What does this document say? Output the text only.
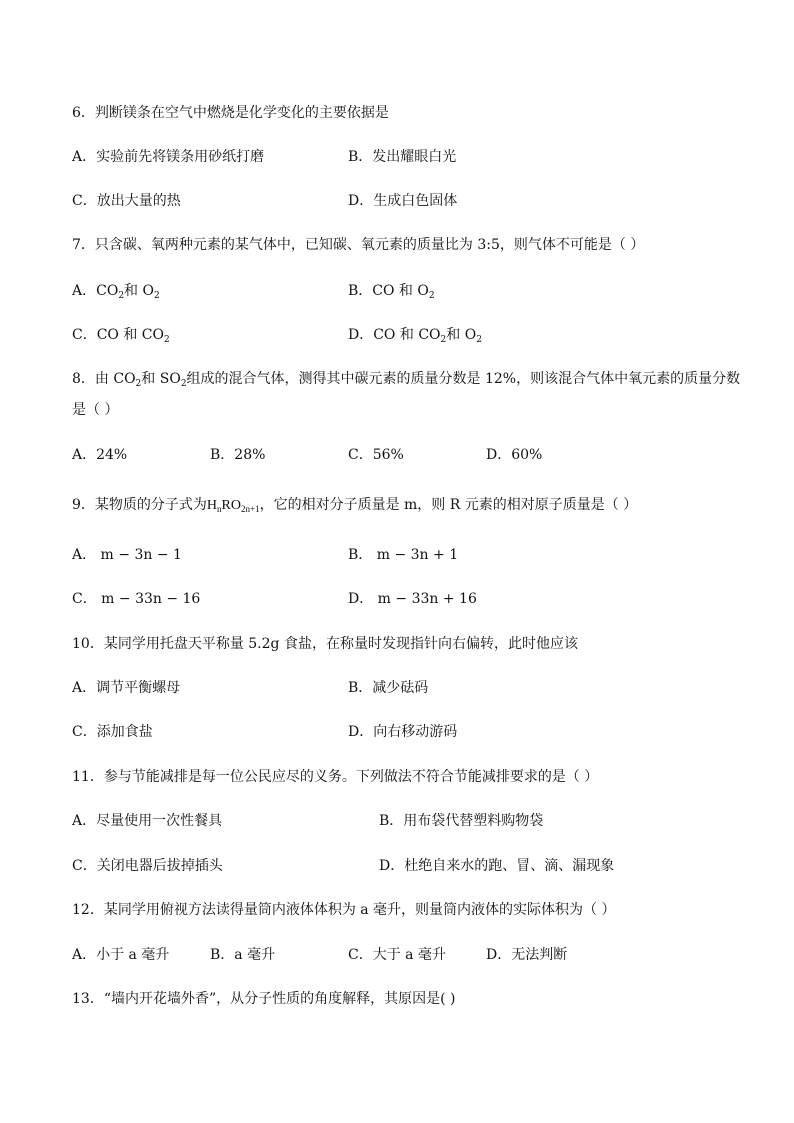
6．判断镁条在空气中燃烧是化学变化的主要依据是
A．实验前先将镁条用砂纸打磨	B．发出耀眼白光
C．放出大量的热	D．生成白色固体
7．只含碳、氧两种元素的某气体中，已知碳、氧元素的质量比为 3:5，则气体不可能是（ ）
A．$CO_2$和 $O_2$	B．CO 和 $O_2$
C．CO 和 $CO_2$	D．CO 和 $CO_2$和 $O_2$
8．由 $CO_2$和 $SO_2$组成的混合气体，测得其中碳元素的质量分数是 12%，则该混合气体中氧元素的质量分数
是（ ）
A．24%	B．28%	C．56%	D．60%
9．某物质的分子式为$H_nRO_{2n+1}$，它的相对分子质量是 m，则 R 元素的相对原子质量是（ ）
A． m − 3n − 1	B． m − 3n + 1
C． m − 33n − 16	D． m − 33n + 16
10．某同学用托盘天平称量 5.2g 食盐，在称量时发现指针向右偏转，此时他应该
A．调节平衡螺母	B．减少砝码
C．添加食盐	D．向右移动游码
11．参与节能减排是每一位公民应尽的义务。下列做法不符合节能减排要求的是（ ）
A．尽量使用一次性餐具	B．用布袋代替塑料购物袋
C．关闭电器后拔掉插头	D．杜绝自来水的跑、冒、滴、漏现象
12．某同学用俯视方法读得量筒内液体体积为 a 毫升，则量筒内液体的实际体积为（ ）
A．小于 a 毫升	B．a 毫升	C．大于 a 毫升	D．无法判断
13．“墙内开花墙外香”，从分子性质的角度解释，其原因是( )
